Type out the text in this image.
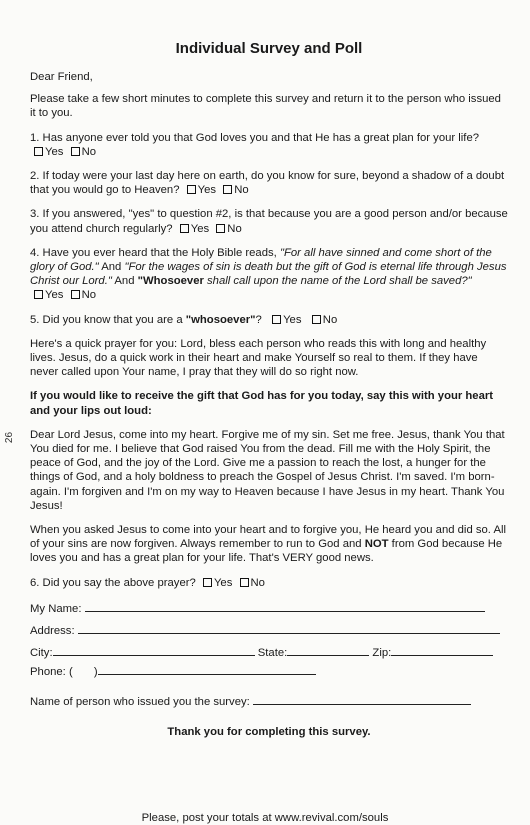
26
Individual Survey and Poll

Dear Friend,

Please take a few short minutes to complete this survey and return it to the person who issued it to you.

1. Has anyone ever told you that God loves you and that He has a great plan for your life? Yes No

2. If today were your last day here on earth, do you know for sure, beyond a shadow of a doubt that you would go to Heaven? Yes No

3. If you answered, "yes" to question #2, is that because you are a good person and/or because you attend church regularly? Yes No

4. Have you ever heard that the Holy Bible reads, "For all have sinned and come short of the glory of God." And "For the wages of sin is death but the gift of God is eternal life through Jesus Christ our Lord." And "Whosoever shall call upon the name of the Lord shall be saved?" Yes No

5. Did you know that you are a "whosoever"? Yes No

Here's a quick prayer for you: Lord, bless each person who reads this with long and healthy lives. Jesus, do a quick work in their heart and make Yourself so real to them. If they have never called upon Your name, I pray that they will do so right now.

If you would like to receive the gift that God has for you today, say this with your heart and your lips out loud:

Dear Lord Jesus, come into my heart. Forgive me of my sin. Set me free. Jesus, thank You that You died for me. I believe that God raised You from the dead. Fill me with the Holy Spirit, the peace of God, and the joy of the Lord. Give me a passion to reach the lost, a hunger for the things of God, and a holy boldness to preach the Gospel of Jesus Christ. I'm saved. I'm born-again. I'm forgiven and I'm on my way to Heaven because I have Jesus in my heart. Thank You Jesus!

When you asked Jesus to come into your heart and to forgive you, He heard you and did so. All of your sins are now forgiven. Always remember to run to God and NOT from God because He loves you and has a great plan for your life. That's VERY good news.

6. Did you say the above prayer? Yes No

My Name:
Address:
City:	State:	Zip:
Phone: ( )
Name of person who issued you the survey:
Thank you for completing this survey.
Please, post your totals at www.revival.com/souls
